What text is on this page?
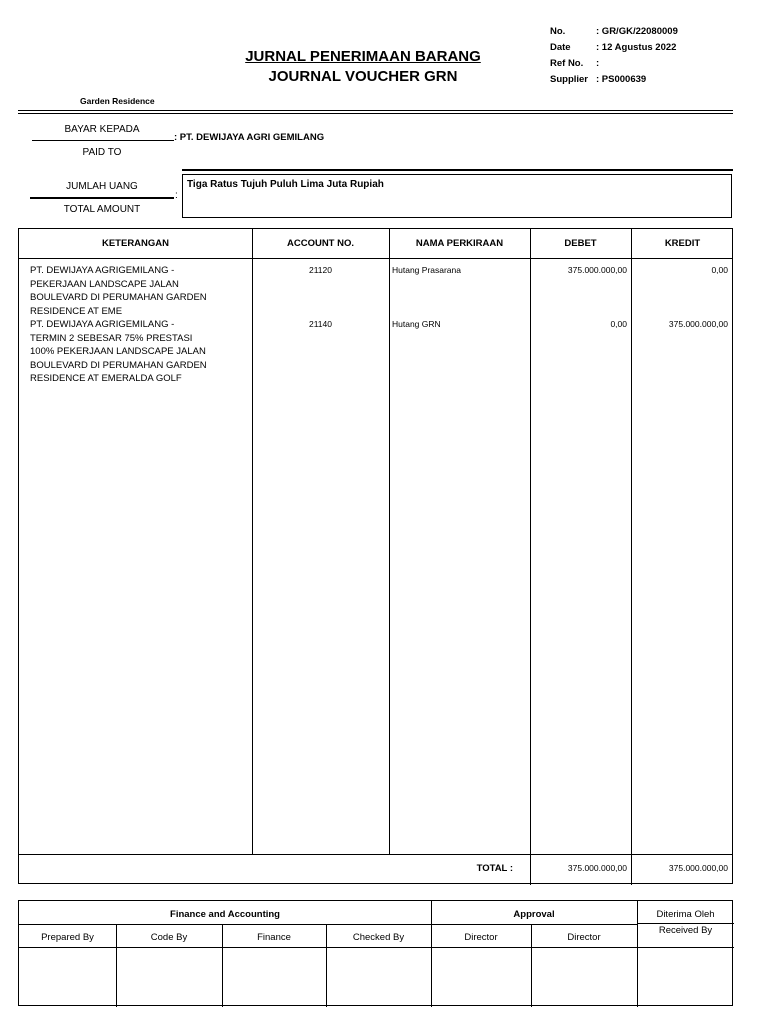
JURNAL PENERIMAAN BARANG
JOURNAL VOUCHER GRN
No.	: GR/GK/22080009
Date	: 12 Agustus 2022
Ref No.	:
Supplier : PS000639
Garden Residence
BAYAR KEPADA
PAID TO
: PT. DEWIJAYA AGRI GEMILANG
JUMLAH UANG
TOTAL AMOUNT
:
Tiga Ratus Tujuh Puluh Lima Juta Rupiah
KETERANGAN	ACCOUNT NO.	NAMA PERKIRAAN	DEBET	KREDIT
PT. DEWIJAYA AGRIGEMILANG -
PEKERJAAN LANDSCAPE JALAN
BOULEVARD DI PERUMAHAN GARDEN
RESIDENCE AT EME
21120	Hutang Prasarana	375.000.000,00	0,00
PT. DEWIJAYA AGRIGEMILANG -
TERMIN 2 SEBESAR 75% PRESTASI
100% PEKERJAAN LANDSCAPE JALAN
BOULEVARD DI PERUMAHAN GARDEN
RESIDENCE AT EMERALDA GOLF
21140	Hutang GRN	0,00	375.000.000,00
TOTAL :	375.000.000,00	375.000.000,00
Finance and Accounting	Approval	Diterima Oleh
Received By
Prepared By	Code By	Finance	Checked By	Director	Director
